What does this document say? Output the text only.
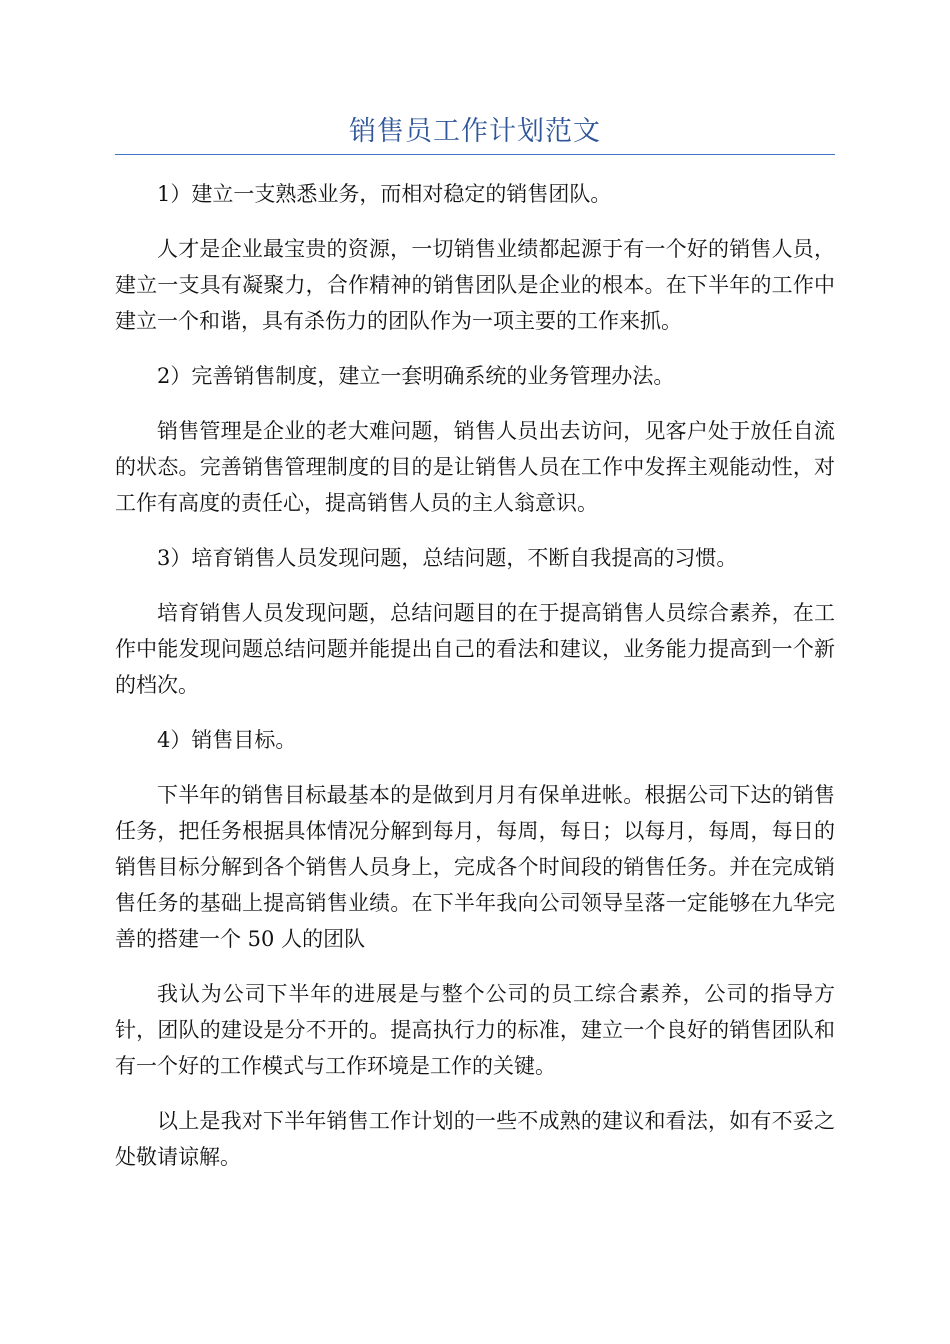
销售员工作计划范文

1）建立一支熟悉业务，而相对稳定的销售团队。

人才是企业最宝贵的资源，一切销售业绩都起源于有一个好的销售人员，建立一支具有凝聚力，合作精神的销售团队是企业的根本。在下半年的工作中建立一个和谐，具有杀伤力的团队作为一项主要的工作来抓。

2）完善销售制度，建立一套明确系统的业务管理办法。

销售管理是企业的老大难问题，销售人员出去访问，见客户处于放任自流的状态。完善销售管理制度的目的是让销售人员在工作中发挥主观能动性，对工作有高度的责任心，提高销售人员的主人翁意识。

3）培育销售人员发现问题，总结问题，不断自我提高的习惯。

培育销售人员发现问题，总结问题目的在于提高销售人员综合素养，在工作中能发现问题总结问题并能提出自己的看法和建议，业务能力提高到一个新的档次。

4）销售目标。

下半年的销售目标最基本的是做到月月有保单进帐。根据公司下达的销售任务，把任务根据具体情况分解到每月，每周，每日；以每月，每周，每日的销售目标分解到各个销售人员身上，完成各个时间段的销售任务。并在完成销售任务的基础上提高销售业绩。在下半年我向公司领导呈落一定能够在九华完善的搭建一个 50 人的团队

我认为公司下半年的进展是与整个公司的员工综合素养，公司的指导方针，团队的建设是分不开的。提高执行力的标准，建立一个良好的销售团队和有一个好的工作模式与工作环境是工作的关键。

以上是我对下半年销售工作计划的一些不成熟的建议和看法，如有不妥之处敬请谅解。
